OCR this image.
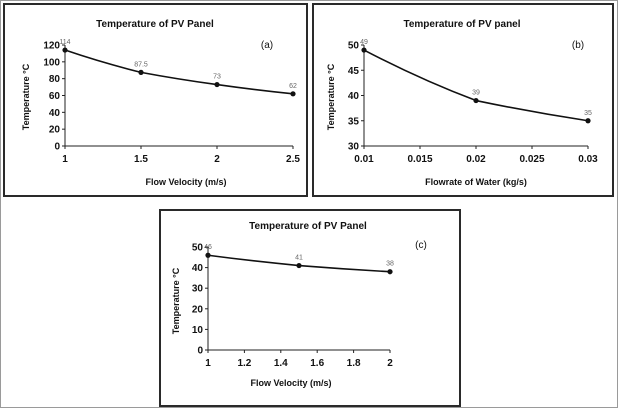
Temperature of PV Panel
(a)
Flow Velocity (m/s)
Temperature °C
0
20
40
60
80
100
120
1	1.5	2	2.5
114
87.5
73
62
Temperature of PV panel
(b)
Flowrate of Water (kg/s)
Temperature °C
30
35
40
45
50
0.01	0.015	0.02	0.025	0.03
49
39
35
Temperature of PV Panel
(c)
Flow Velocity (m/s)
Temperature °C
0
10
20
30
40
50
1	1.2 1.4 1.6 1.8	2
46
41
38
